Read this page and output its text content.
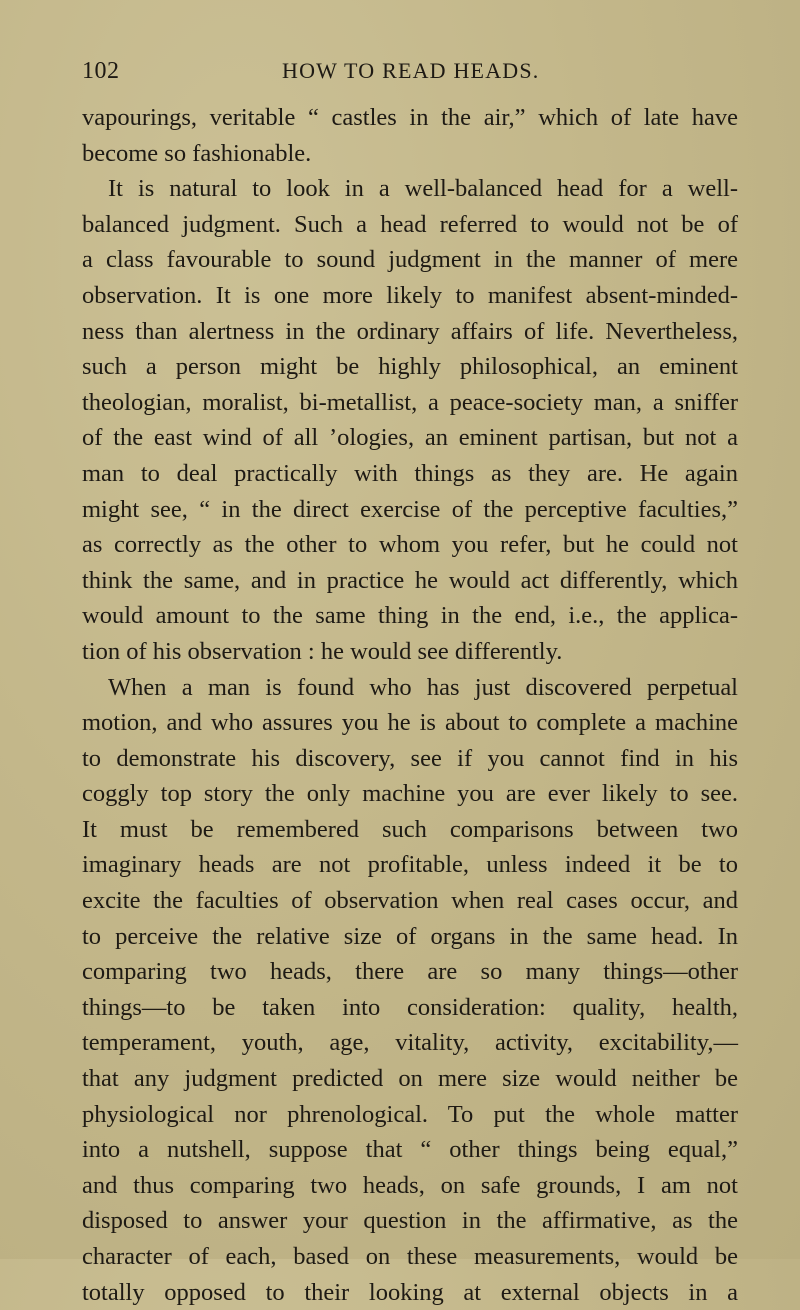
102	HOW TO READ HEADS.
vapourings, veritable “ castles in the air,” which of late have
become so fashionable.
It is natural to look in a well-balanced head for a well-
balanced judgment. Such a head referred to would not be of
a class favourable to sound judgment in the manner of mere
observation. It is one more likely to manifest absent-minded-
ness than alertness in the ordinary affairs of life. Nevertheless,
such a person might be highly philosophical, an eminent
theologian, moralist, bi-metallist, a peace-society man, a sniffer
of the east wind of all ’ologies, an eminent partisan, but not a
man to deal practically with things as they are. He again
might see, “ in the direct exercise of the perceptive faculties,”
as correctly as the other to whom you refer, but he could not
think the same, and in practice he would act differently, which
would amount to the same thing in the end, i.e., the applica-
tion of his observation : he would see differently.
When a man is found who has just discovered perpetual
motion, and who assures you he is about to complete a machine
to demonstrate his discovery, see if you cannot find in his
coggly top story the only machine you are ever likely to see.
It must be remembered such comparisons between two
imaginary heads are not profitable, unless indeed it be to
excite the faculties of observation when real cases occur, and
to perceive the relative size of organs in the same head. In
comparing two heads, there are so many things—other
things—to be taken into consideration: quality, health,
temperament, youth, age, vitality, activity, excitability,—
that any judgment predicted on mere size would neither be
physiological nor phrenological. To put the whole matter
into a nutshell, suppose that “ other things being equal,”
and thus comparing two heads, on safe grounds, I am not
disposed to answer your question in the affirmative, as the
character of each, based on these measurements, would be
totally opposed to their looking at external objects in a
